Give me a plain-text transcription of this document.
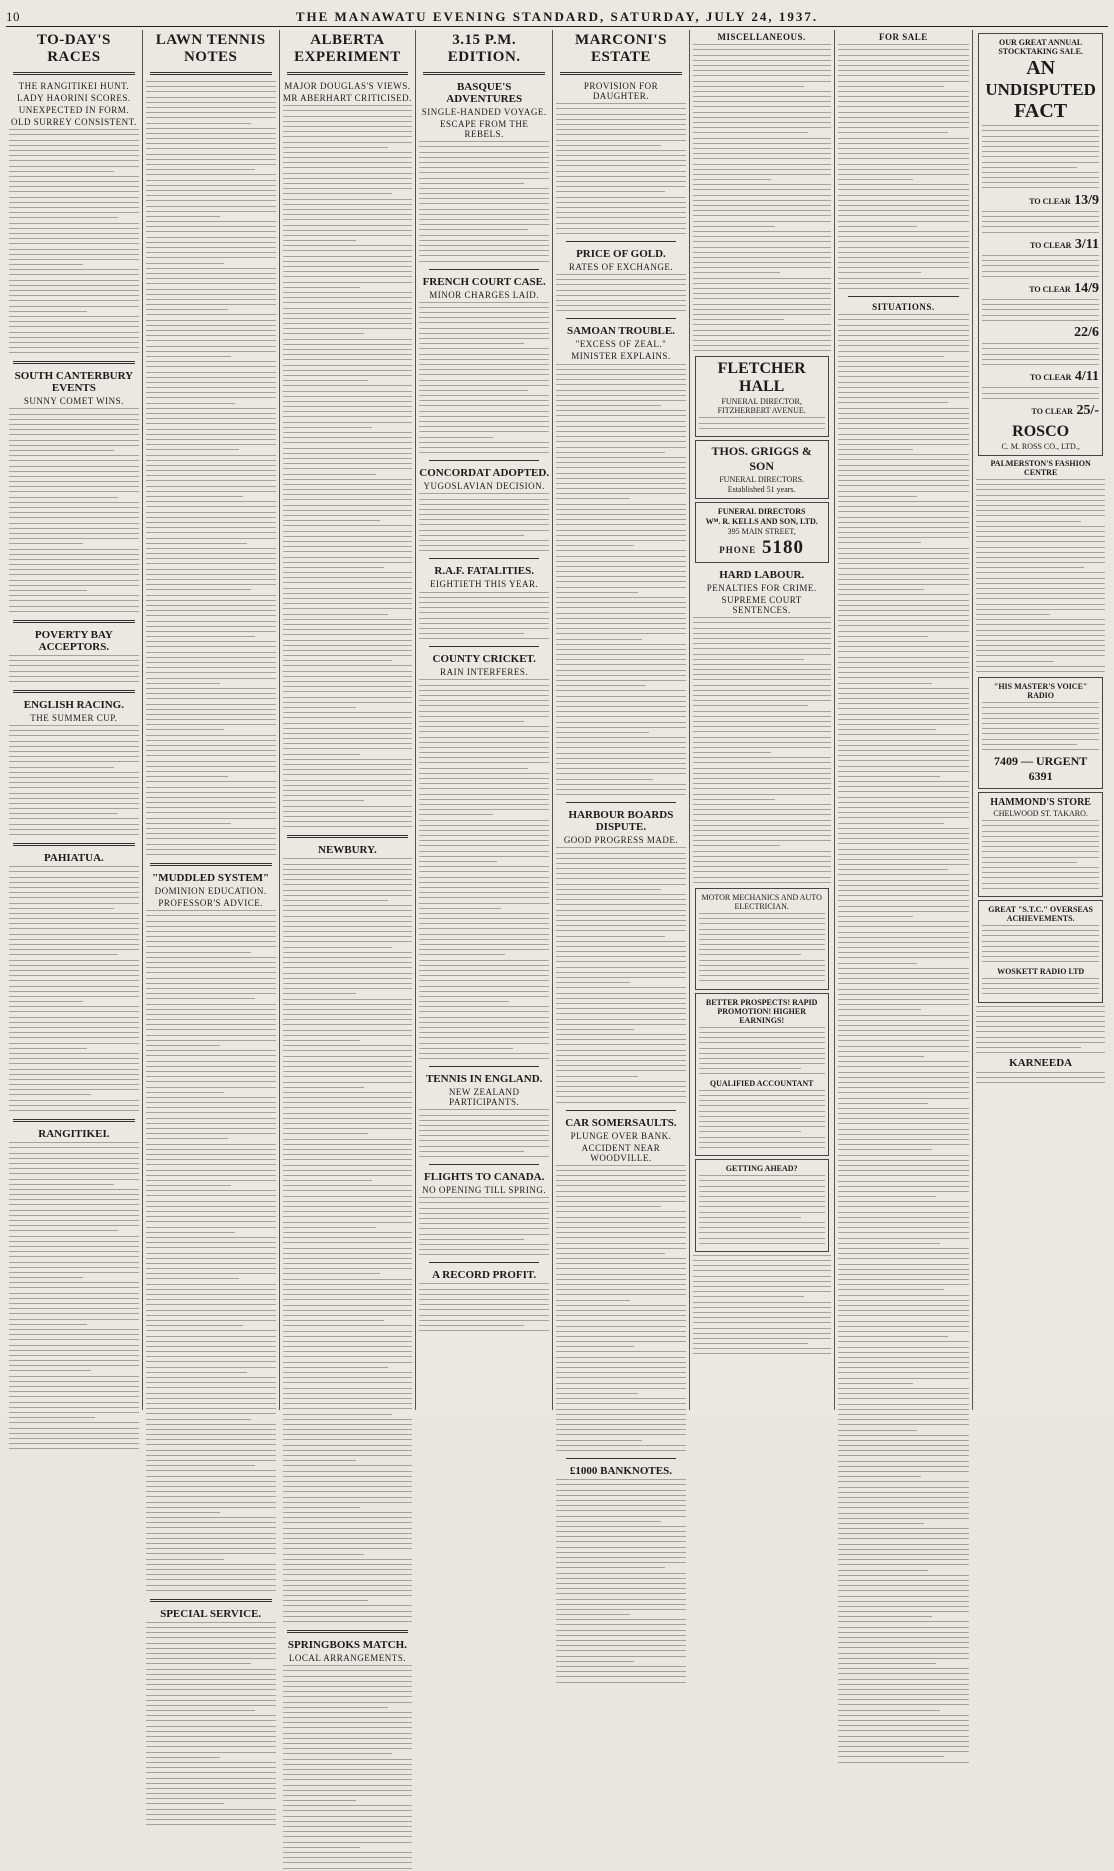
10	THE MANAWATU EVENING STANDARD, SATURDAY, JULY 24, 1937.
TO-DAY'S RACES
THE RANGITIKEI HUNT.
LADY HAORINI SCORES.
UNEXPECTED IN FORM.
OLD SURREY CONSISTENT.
SOUTH CANTERBURY EVENTS
SUNNY COMET WINS.
POVERTY BAY ACCEPTORS.
ENGLISH RACING.
THE SUMMER CUP.
PAHIATUA.
RANGITIKEI.
LAWN TENNIS NOTES
"MUDDLED SYSTEM"
DOMINION EDUCATION.
PROFESSOR'S ADVICE.
SPECIAL SERVICE.
ALBERTA EXPERIMENT
MAJOR DOUGLAS'S VIEWS.
MR ABERHART CRITICISED.
NEWBURY.
SPRINGBOKS MATCH.
LOCAL ARRANGEMENTS.
3.15 P.M. EDITION.
BASQUE'S ADVENTURES
SINGLE-HANDED VOYAGE.
ESCAPE FROM THE REBELS.
FRENCH COURT CASE.
MINOR CHARGES LAID.
CONCORDAT ADOPTED.
YUGOSLAVIAN DECISION.
R.A.F. FATALITIES.
EIGHTIETH THIS YEAR.
COUNTY CRICKET.
RAIN INTERFERES.
TENNIS IN ENGLAND.
NEW ZEALAND PARTICIPANTS.
FLIGHTS TO CANADA.
NO OPENING TILL SPRING.
A RECORD PROFIT.
MARCONI'S ESTATE
PROVISION FOR DAUGHTER.
PRICE OF GOLD.
RATES OF EXCHANGE.
SAMOAN TROUBLE.
"EXCESS OF ZEAL."
MINISTER EXPLAINS.
HARBOUR BOARDS DISPUTE.
GOOD PROGRESS MADE.
CAR SOMERSAULTS.
PLUNGE OVER BANK.
ACCIDENT NEAR WOODVILLE.
£1000 BANKNOTES.
MISCELLANEOUS.
FLETCHER HALL
FUNERAL DIRECTOR, FITZHERBERT AVENUE.
THOS. GRIGGS & SON
FUNERAL DIRECTORS.
Established 51 years.
FUNERAL DIRECTORS
Wᴹ. R. KELLS AND SON, LTD.
395 MAIN STREET,
PHONE 5180
HARD LABOUR.
PENALTIES FOR CRIME.
SUPREME COURT SENTENCES.
MOTOR MECHANICS AND AUTO ELECTRICIAN.
BETTER PROSPECTS! RAPID PROMOTION! HIGHER EARNINGS!
QUALIFIED ACCOUNTANT
GETTING AHEAD?
FOR SALE
SITUATIONS.
OUR GREAT ANNUAL STOCKTAKING SALE.
AN
UNDISPUTED
FACT
TO CLEAR 13/9
TO CLEAR 3/11
TO CLEAR 14/9
22/6
TO CLEAR 4/11
TO CLEAR 25/-
ROSCO
C. M. ROSS CO., LTD.,
PALMERSTON'S FASHION CENTRE
"HIS MASTER'S VOICE" RADIO
7409 — URGENT 6391
HAMMOND'S STORE
CHELWOOD ST. TAKARO.
GREAT "S.T.C." OVERSEAS ACHIEVEMENTS.
WOSKETT RADIO LTD
KARNEEDA
